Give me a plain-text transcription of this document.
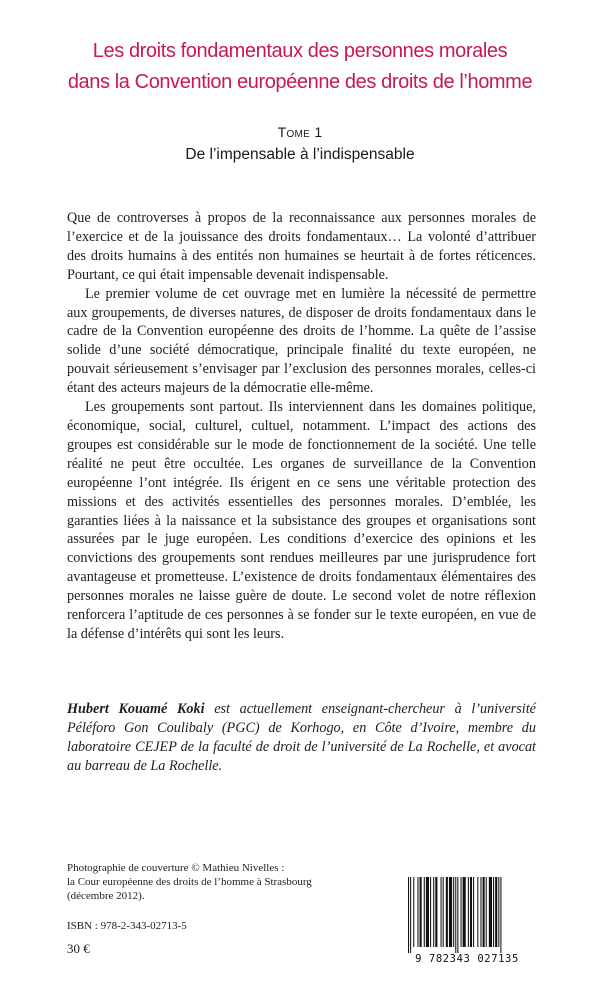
Les droits fondamentaux des personnes morales
dans la Convention européenne des droits de l’homme
Tome 1
De l’impensable à l’indispensable

Que de controverses à propos de la reconnaissance aux personnes morales de l’exercice et de la jouissance des droits fondamentaux… La volonté d’attribuer des droits humains à des entités non humaines se heurtait à de fortes réticences. Pourtant, ce qui était impensable devenait indispensable.

Le premier volume de cet ouvrage met en lumière la nécessité de permettre aux groupements, de diverses natures, de disposer de droits fondamentaux dans le cadre de la Convention européenne des droits de l’homme. La quête de l’assise solide d’une société démocratique, principale finalité du texte européen, ne pouvait sérieusement s’envisager par l’exclusion des personnes morales, celles-ci étant des acteurs majeurs de la démocratie elle-même.

Les groupements sont partout. Ils interviennent dans les domaines politique, économique, social, culturel, cultuel, notamment. L’impact des actions des groupes est considérable sur le mode de fonctionnement de la société. Une telle réalité ne peut être occultée. Les organes de surveillance de la Convention européenne l’ont intégrée. Ils érigent en ce sens une véritable protection des missions et des activités essentielles des personnes morales. D’emblée, les garanties liées à la naissance et la subsistance des groupes et organisations sont assurées par le juge européen. Les conditions d’exercice des opinions et les convictions des groupements sont rendues meilleures par une jurisprudence fort avantageuse et prometteuse. L’existence de droits fondamentaux élémentaires des personnes morales ne laisse guère de doute. Le second volet de notre réflexion renforcera l’aptitude de ces personnes à se fonder sur le texte européen, en vue de la défense d’intérêts qui sont les leurs.

Hubert Kouamé Koki est actuellement enseignant-chercheur à l’université Péléforo Gon Coulibaly (PGC) de Korhogo, en Côte d’Ivoire, membre du laboratoire CEJEP de la faculté de droit de l’université de La Rochelle, et avocat au barreau de La Rochelle.
Photographie de couverture © Mathieu Nivelles :
la Cour européenne des droits de l’homme à Strasbourg
(décembre 2012).
ISBN : 978-2-343-02713-5
30 €
9 782343 027135
